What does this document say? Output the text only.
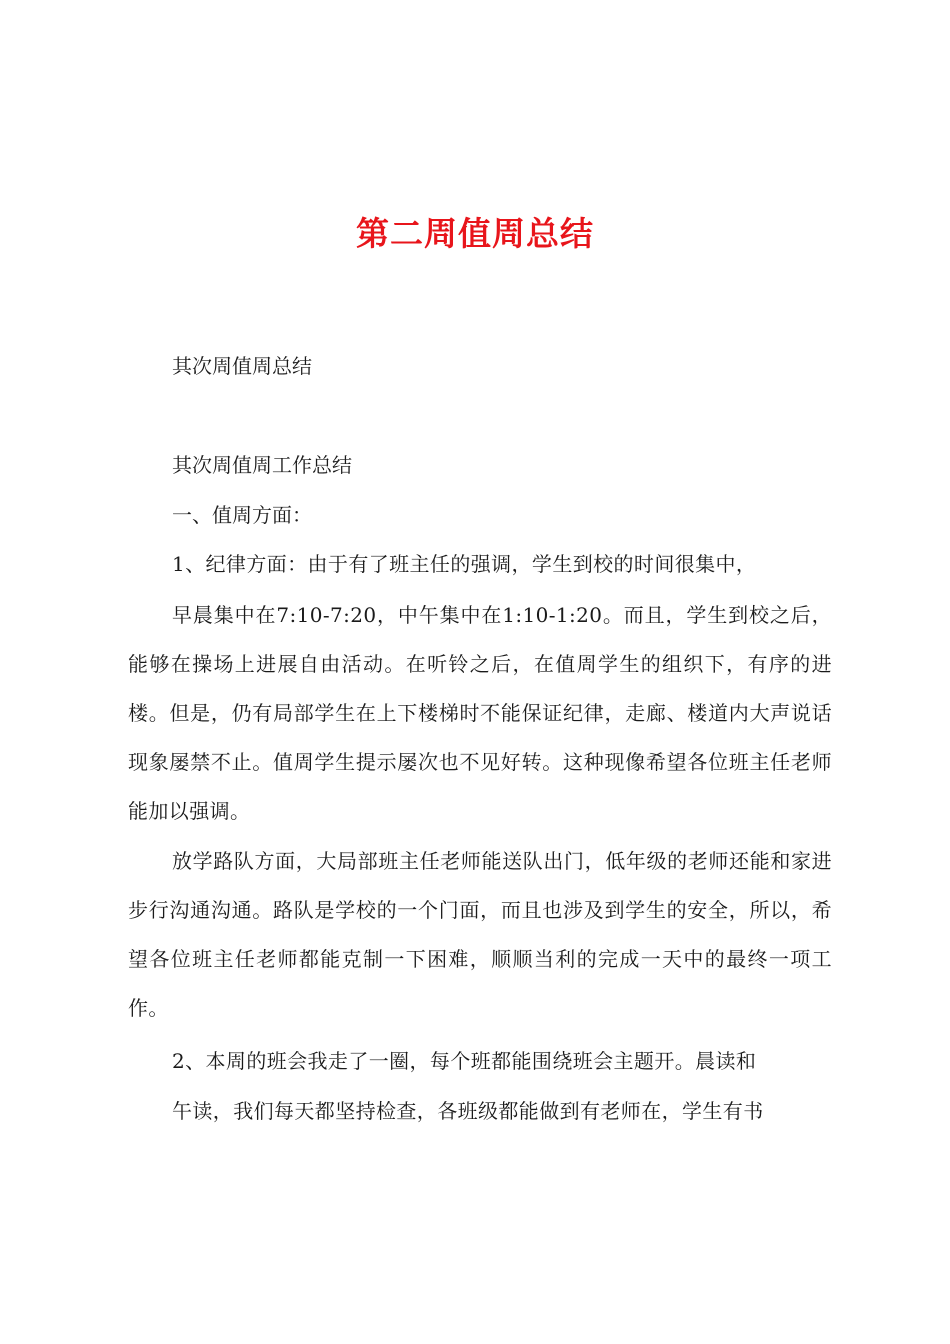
第二周值周总结
其次周值周总结
其次周值周工作总结
一、值周方面：
1、纪律方面：由于有了班主任的强调，学生到校的时间很集中，
早晨集中在7:10-7:20，中午集中在1:10-1:20。而且，学生到校之后，能够在操场上进展自由活动。在听铃之后，在值周学生的组织下，有序的进楼。但是，仍有局部学生在上下楼梯时不能保证纪律，走廊、楼道内大声说话现象屡禁不止。值周学生提示屡次也不见好转。这种现像希望各位班主任老师能加以强调。
放学路队方面，大局部班主任老师能送队出门，低年级的老师还能和家进步行沟通沟通。路队是学校的一个门面，而且也涉及到学生的安全，所以，希望各位班主任老师都能克制一下困难，顺顺当利的完成一天中的最终一项工作。
2、本周的班会我走了一圈，每个班都能围绕班会主题开。晨读和
午读，我们每天都坚持检查，各班级都能做到有老师在，学生有书
